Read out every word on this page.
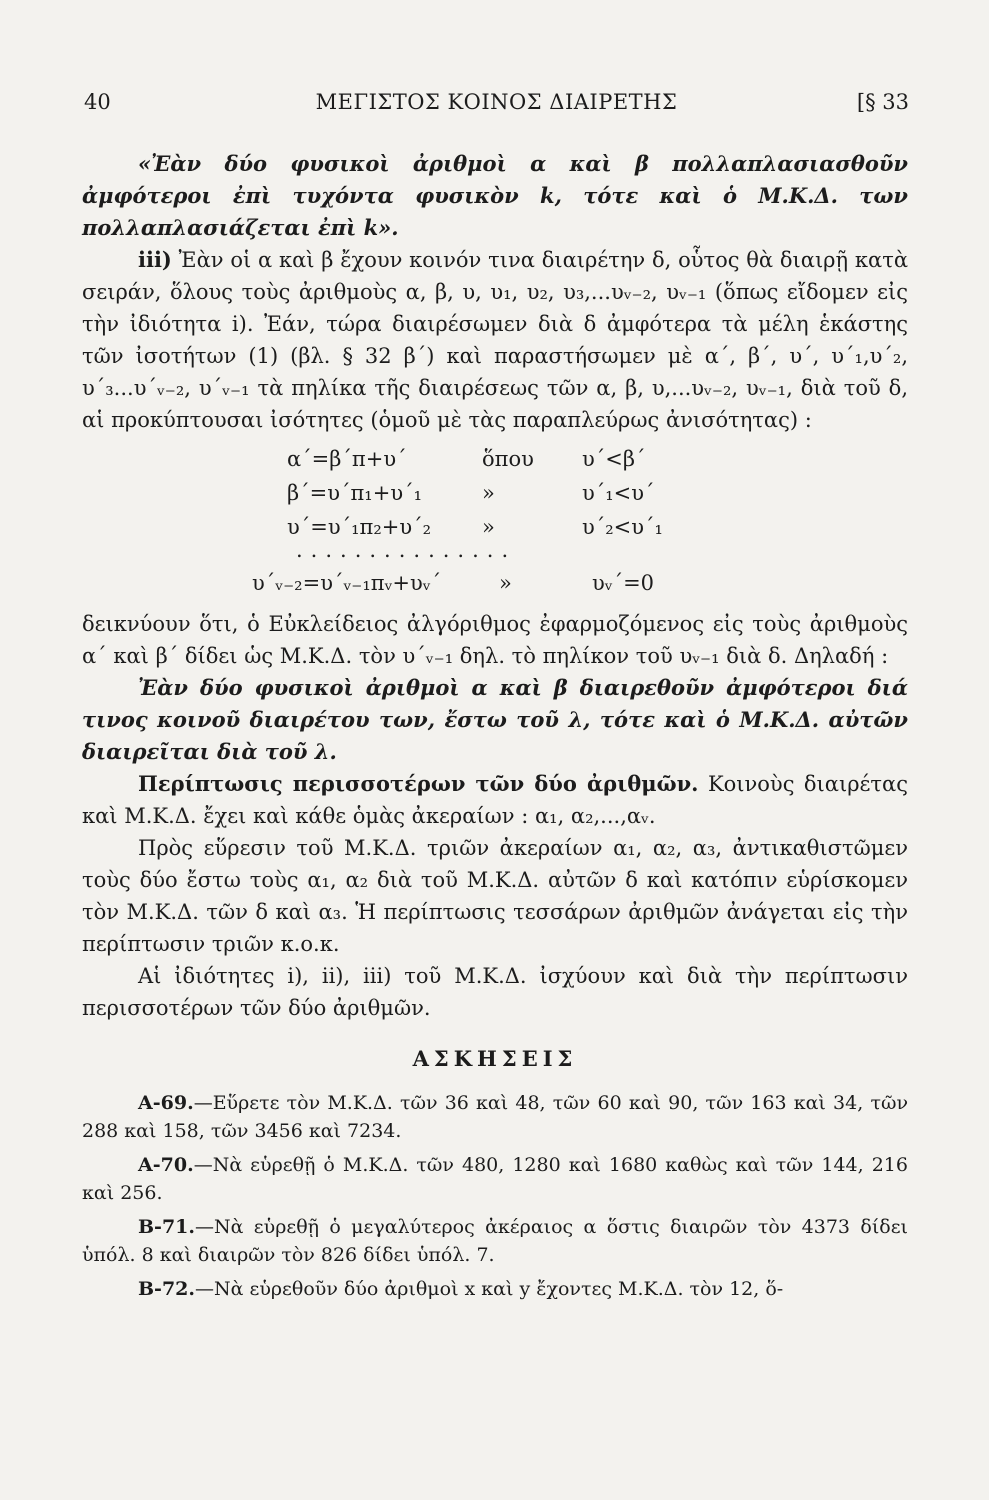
40	ΜΕΓΙΣΤΟΣ ΚΟΙΝΟΣ ΔΙΑΙΡΕΤΗΣ	[§ 33

«Ἐὰν δύο φυσικοὶ ἀριθμοὶ α καὶ β πολλαπλασιασθοῦν ἀμφότεροι ἐπὶ τυχόντα φυσικὸν k, τότε καὶ ὁ Μ.Κ.Δ. των πολλαπλασιάζεται ἐπὶ k».

iii) Ἐὰν οἱ α καὶ β ἔχουν κοινόν τινα διαιρέτην δ, οὗτος θὰ διαιρῇ κατὰ σειράν, ὅλους τοὺς ἀριθμοὺς α, β, υ, υ₁, υ₂, υ₃,...υᵥ₋₂, υᵥ₋₁ (ὅπως εἴδομεν εἰς τὴν ἰδιότητα i). Ἐάν, τώρα διαιρέσωμεν διὰ δ ἀμφότερα τὰ μέλη ἑκάστης τῶν ἰσοτήτων (1) (βλ. § 32 β΄) καὶ παραστήσωμεν μὲ α΄, β΄, υ΄, υ΄₁,υ΄₂, υ΄₃...υ΄ᵥ₋₂, υ΄ᵥ₋₁ τὰ πηλίκα τῆς διαιρέσεως τῶν α, β, υ,...υᵥ₋₂, υᵥ₋₁, διὰ τοῦ δ, αἱ προκύπτουσαι ἰσότητες (ὁμοῦ μὲ τὰς παραπλεύρως ἀνισότητας) :

α΄=β΄π+υ΄	ὅπου υ΄<β΄
β΄=υ΄π₁+υ΄₁	»	υ΄₁<υ΄
υ΄=υ΄₁π₂+υ΄₂ »	υ΄₂<υ΄₁
...............
υ΄ᵥ₋₂=υ΄ᵥ₋₁πᵥ+υᵥ΄	»	υᵥ΄=0

δεικνύουν ὅτι, ὁ Εὐκλείδειος ἀλγόριθμος ἐφαρμοζόμενος εἰς τοὺς ἀριθμοὺς α΄ καὶ β΄ δίδει ὡς Μ.Κ.Δ. τὸν υ΄ᵥ₋₁ δηλ. τὸ πηλίκον τοῦ υᵥ₋₁ διὰ δ. Δηλαδή :

Ἐὰν δύο φυσικοὶ ἀριθμοὶ α καὶ β διαιρεθοῦν ἀμφότεροι διά τινος κοινοῦ διαιρέτου των, ἔστω τοῦ λ, τότε καὶ ὁ Μ.Κ.Δ. αὐτῶν διαιρεῖται διὰ τοῦ λ.

Περίπτωσις περισσοτέρων τῶν δύο ἀριθμῶν. Κοινοὺς διαιρέτας καὶ Μ.Κ.Δ. ἔχει καὶ κάθε ὁμὰς ἀκεραίων : α₁, α₂,...,αᵥ.

Πρὸς εὕρεσιν τοῦ Μ.Κ.Δ. τριῶν ἀκεραίων α₁, α₂, α₃, ἀντικαθιστῶμεν τοὺς δύο ἔστω τοὺς α₁, α₂ διὰ τοῦ Μ.Κ.Δ. αὐτῶν δ καὶ κατόπιν εὑρίσκομεν τὸν Μ.Κ.Δ. τῶν δ καὶ α₃. Ἡ περίπτωσις τεσσάρων ἀριθμῶν ἀνάγεται εἰς τὴν περίπτωσιν τριῶν κ.ο.κ.

Αἱ ἰδιότητες i), ii), iii) τοῦ Μ.Κ.Δ. ἰσχύουν καὶ διὰ τὴν περίπτωσιν περισσοτέρων τῶν δύο ἀριθμῶν.

ΑΣΚΗΣΕΙΣ

Α-69.—Εὕρετε τὸν Μ.Κ.Δ. τῶν 36 καὶ 48, τῶν 60 καὶ 90, τῶν 163 καὶ 34, τῶν 288 καὶ 158, τῶν 3456 καὶ 7234.

Α-70.—Νὰ εὑρεθῇ ὁ Μ.Κ.Δ. τῶν 480, 1280 καὶ 1680 καθὼς καὶ τῶν 144, 216 καὶ 256.

Β-71.—Νὰ εὑρεθῇ ὁ μεγαλύτερος ἀκέραιος α ὅστις διαιρῶν τὸν 4373 δίδει ὑπόλ. 8 καὶ διαιρῶν τὸν 826 δίδει ὑπόλ. 7.

Β-72.—Νὰ εὑρεθοῦν δύο ἀριθμοὶ x καὶ y ἔχοντες Μ.Κ.Δ. τὸν 12, ὅ-
